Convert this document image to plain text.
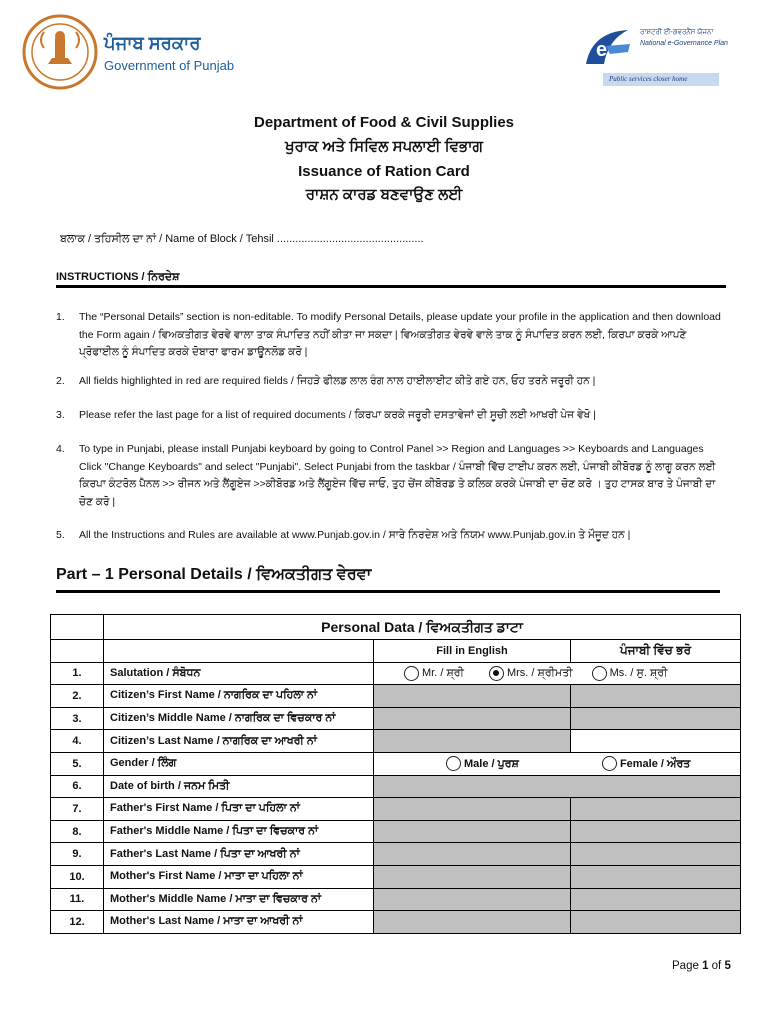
ਪੰਜਾਬ ਸਰਕਾਰ
Government of Punjab
e
ਰਾਸ਼ਟਰੀ ਈ-ਗਵਰਨੈਂਸ ਯੋਜਨਾ
National e-Governance Plan
Public services closer home
Department of Food & Civil Supplies
ਖੁਰਾਕ ਅਤੇ ਸਿਵਿਲ ਸਪਲਾਈ ਵਿਭਾਗ
Issuance of Ration Card
ਰਾਸ਼ਨ ਕਾਰਡ ਬਣਵਾਉਣ ਲਈ
ਬਲਾਕ / ਤਹਿਸੀਲ ਦਾ ਨਾਂ / Name of Block / Tehsil ................................................
INSTRUCTIONS / ਨਿਰਦੇਸ਼
1. The “Personal Details” section is non-editable. To modify Personal Details, please update your profile in the application and then download the Form again / ਵਿਅਕਤੀਗਤ ਵੇਰਵੇ ਵਾਲਾ ਤਾਕ ਸੰਪਾਦਿਤ ਨਹੀਂ ਕੀਤਾ ਜਾ ਸਕਦਾ | ਵਿਅਕਤੀਗਤ ਵੇਰਵੇ ਵਾਲੇ ਤਾਕ ਨੂੰ ਸੰਪਾਦਿਤ ਕਰਨ ਲਈ, ਕਿਰਪਾ ਕਰਕੇ ਆਪਣੇ ਪ੍ਰੋਫਾਈਲ ਨੂੰ ਸੰਪਾਦਿਤ ਕਰਕੇ ਦੋਬਾਰਾ ਫਾਰਮ ਡਾਊਨਲੋਡ ਕਰੋ |
2. All fields highlighted in red are required fields / ਜਿਹੜੇ ਫੀਲਡ ਲਾਲ ਰੰਗ ਨਾਲ ਹਾਈਲਾਈਟ ਕੀਤੇ ਗਏ ਹਨ, ਓਹ ਤਰਨੇ ਜਰੂਰੀ ਹਨ |
3. Please refer the last page for a list of required documents / ਕਿਰਪਾ ਕਰਕੇ ਜਰੂਰੀ ਦਸਤਾਵੇਜਾਂ ਦੀ ਸੂਚੀ ਲਈ ਆਖਰੀ ਪੇਜ ਵੇਖੋ |
4. To type in Punjabi, please install Punjabi keyboard by going to Control Panel >> Region and Languages >> Keyboards and Languages Click "Change Keyboards" and select "Punjabi". Select Punjabi from the taskbar / ਪੰਜਾਬੀ ਵਿੱਚ ਟਾਈਪ ਕਰਨ ਲਈ, ਪੰਜਾਬੀ ਕੀਬੋਰਡ ਨੂੰ ਲਾਗੂ ਕਰਨ ਲਈ ਕਿਰਪਾ ਕੰਟਰੋਲ ਪੈਨਲ >> ਰੀਜਨ ਅਤੇ ਲੈਂਗੂਏਜ >>ਕੀਬੋਰਡ ਅਤੇ ਲੈਂਗੂਏਜ ਵਿੱਚ ਜਾਓ, ਤੁਹ ਚੇਂਜ ਕੀਬੋਰਡ ਤੇ ਕਲਿਕ ਕਰਕੇ ਪੰਜਾਬੀ ਦਾ ਚੋਣ ਕਰੋ । ਤੁਹ ਟਾਸਕ ਬਾਰ ਤੇ ਪੰਜਾਬੀ ਦਾ ਚੋਣ ਕਰੋ |
5. All the Instructions and Rules are available at www.Punjab.gov.in / ਸਾਰੇ ਨਿਰਦੇਸ਼ ਅਤੇ ਨਿਯਮ www.Punjab.gov.in ਤੇ ਮੌਜੂਦ ਹਨ |
Part – 1 Personal Details / ਵਿਅਕਤੀਗਤ ਵੇਰਵਾ
	Personal Data / ਵਿਅਕਤੀਗਤ ਡਾਟਾ		
		Fill in English	ਪੰਜਾਬੀ ਵਿੱਚ ਭਰੋ
1.	Salutation / ਸੰਬੋਧਨ	Mr. / ਸ਼੍ਰੀ Mrs. / ਸ਼੍ਰੀਮਤੀ Ms. / ਸੁ. ਸ਼੍ਰੀ	
2.	Citizen’s First Name / ਨਾਗਰਿਕ ਦਾ ਪਹਿਲਾ ਨਾਂ		
3.	Citizen’s Middle Name / ਨਾਗਰਿਕ ਦਾ ਵਿਚਕਾਰ ਨਾਂ		
4.	Citizen’s Last Name / ਨਾਗਰਿਕ ਦਾ ਆਖਰੀ ਨਾਂ		
5.	Gender / ਲਿੰਗ	Male / ਪੁਰਸ਼ Female / ਔਰਤ	
6.	Date of birth / ਜਨਮ ਮਿਤੀ		
7.	Father's First Name / ਪਿਤਾ ਦਾ ਪਹਿਲਾ ਨਾਂ		
8.	Father's Middle Name / ਪਿਤਾ ਦਾ ਵਿਚਕਾਰ ਨਾਂ		
9.	Father's Last Name / ਪਿਤਾ ਦਾ ਆਖਰੀ ਨਾਂ		
10.	Mother's First Name / ਮਾਤਾ ਦਾ ਪਹਿਲਾ ਨਾਂ		
11.	Mother's Middle Name / ਮਾਤਾ ਦਾ ਵਿਚਕਾਰ ਨਾਂ		
12.	Mother's Last Name / ਮਾਤਾ ਦਾ ਆਖਰੀ ਨਾਂ		
Page 1 of 5
